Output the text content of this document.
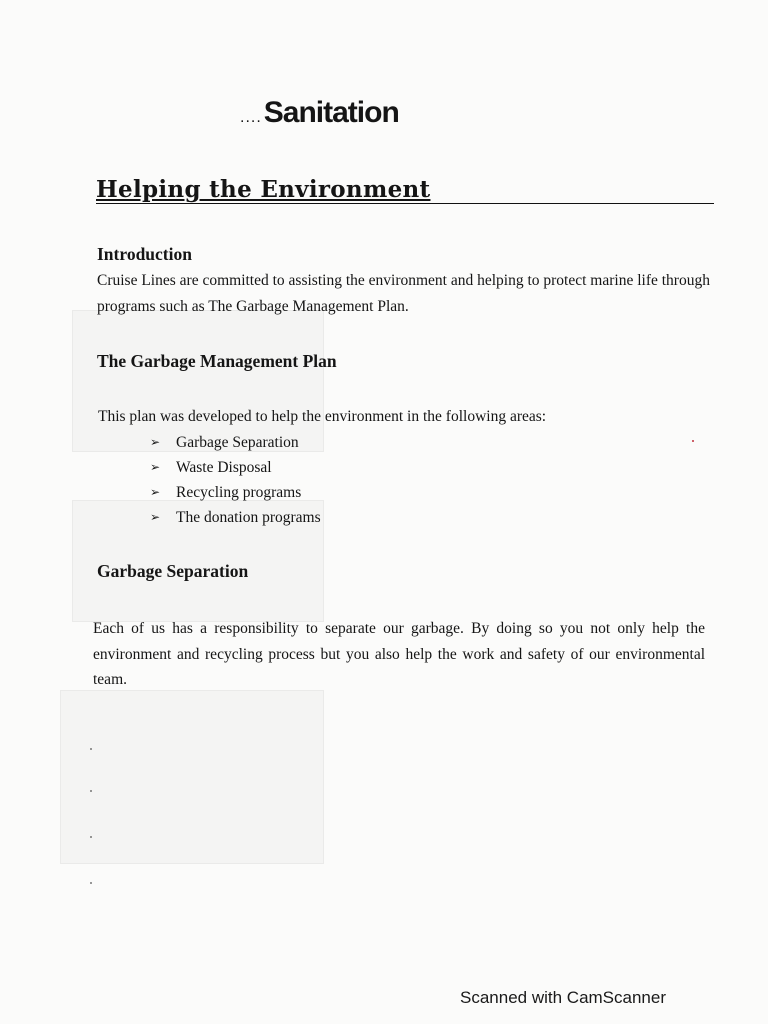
....Sanitation
Helping the Environment
Introduction

Cruise Lines are committed to assisting the environment and helping to protect marine life through programs such as The Garbage Management Plan.

The Garbage Management Plan

This plan was developed to help the environment in the following areas:

➢	Garbage Separation
➢	Waste Disposal
➢	Recycling programs
➢	The donation programs
Garbage Separation

Each of us has a responsibility to separate our garbage. By doing so you not only help the environment and recycling process but you also help the work and safety of our environmental team.

Scanned with CamScanner
